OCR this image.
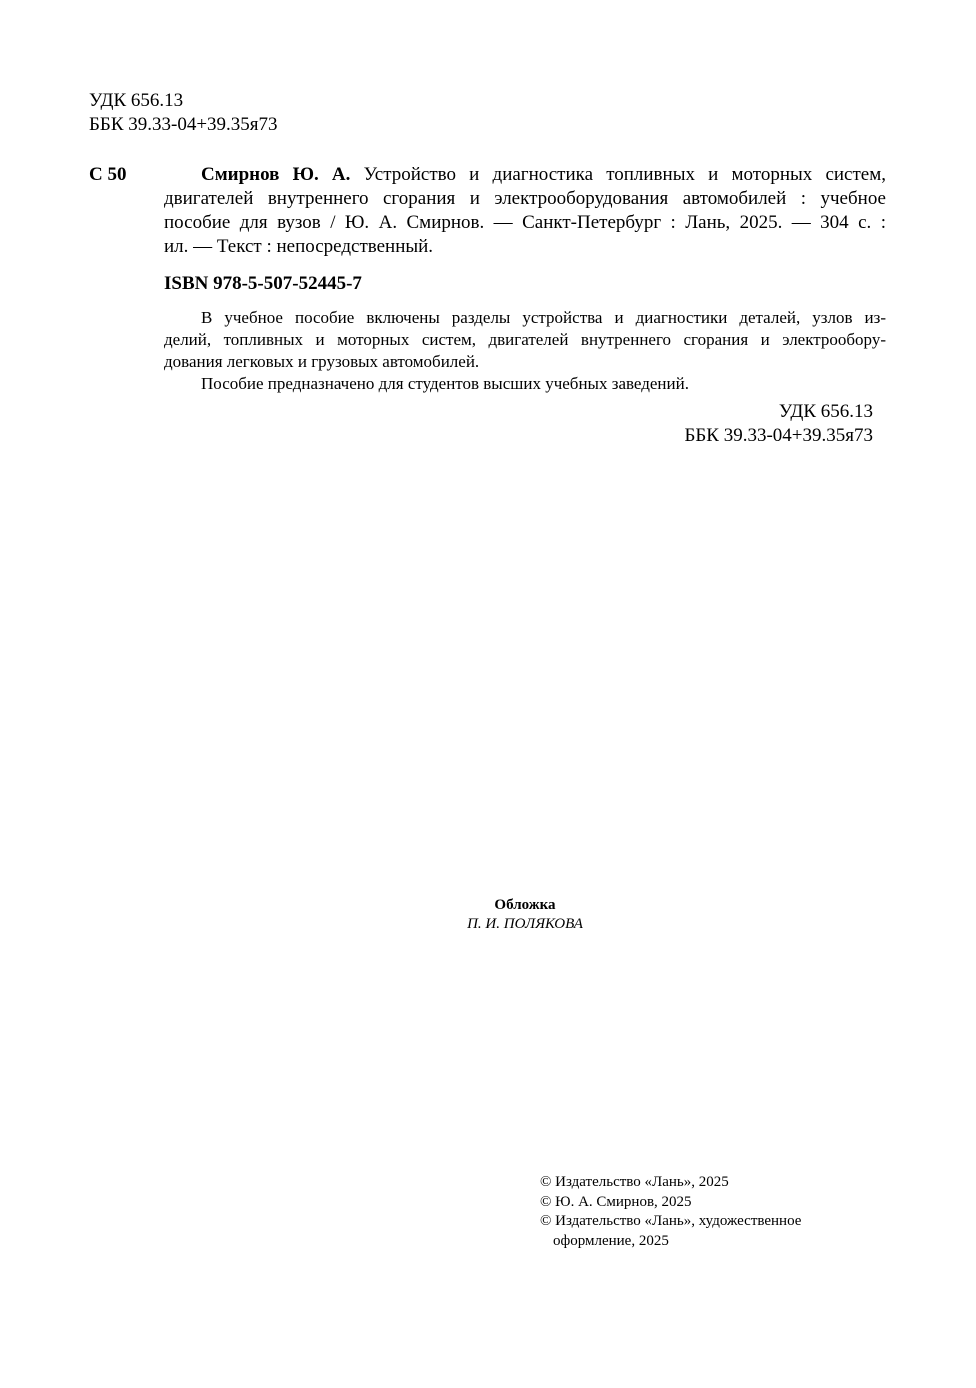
УДК 656.13
ББК 39.33-04+39.35я73
С 50	Смирнов Ю. А. Устройство и диагностика топливных и моторных систем,
двигателей внутреннего сгорания и электрооборудования автомобилей : учебное
пособие для вузов / Ю. А. Смирнов. — Санкт-Петербург : Лань, 2025. — 304 с. :
ил. — Текст : непосредственный.
ISBN 978-5-507-52445-7
В учебное пособие включены разделы устройства и диагностики деталей, узлов из-
делий, топливных и моторных систем, двигателей внутреннего сгорания и электрообору-
дования легковых и грузовых автомобилей.
Пособие предназначено для студентов высших учебных заведений.
УДК 656.13
ББК 39.33-04+39.35я73
Обложка
П. И. ПОЛЯКОВА
© Издательство «Лань», 2025
© Ю. А. Смирнов, 2025
© Издательство «Лань», художественное
оформление, 2025
